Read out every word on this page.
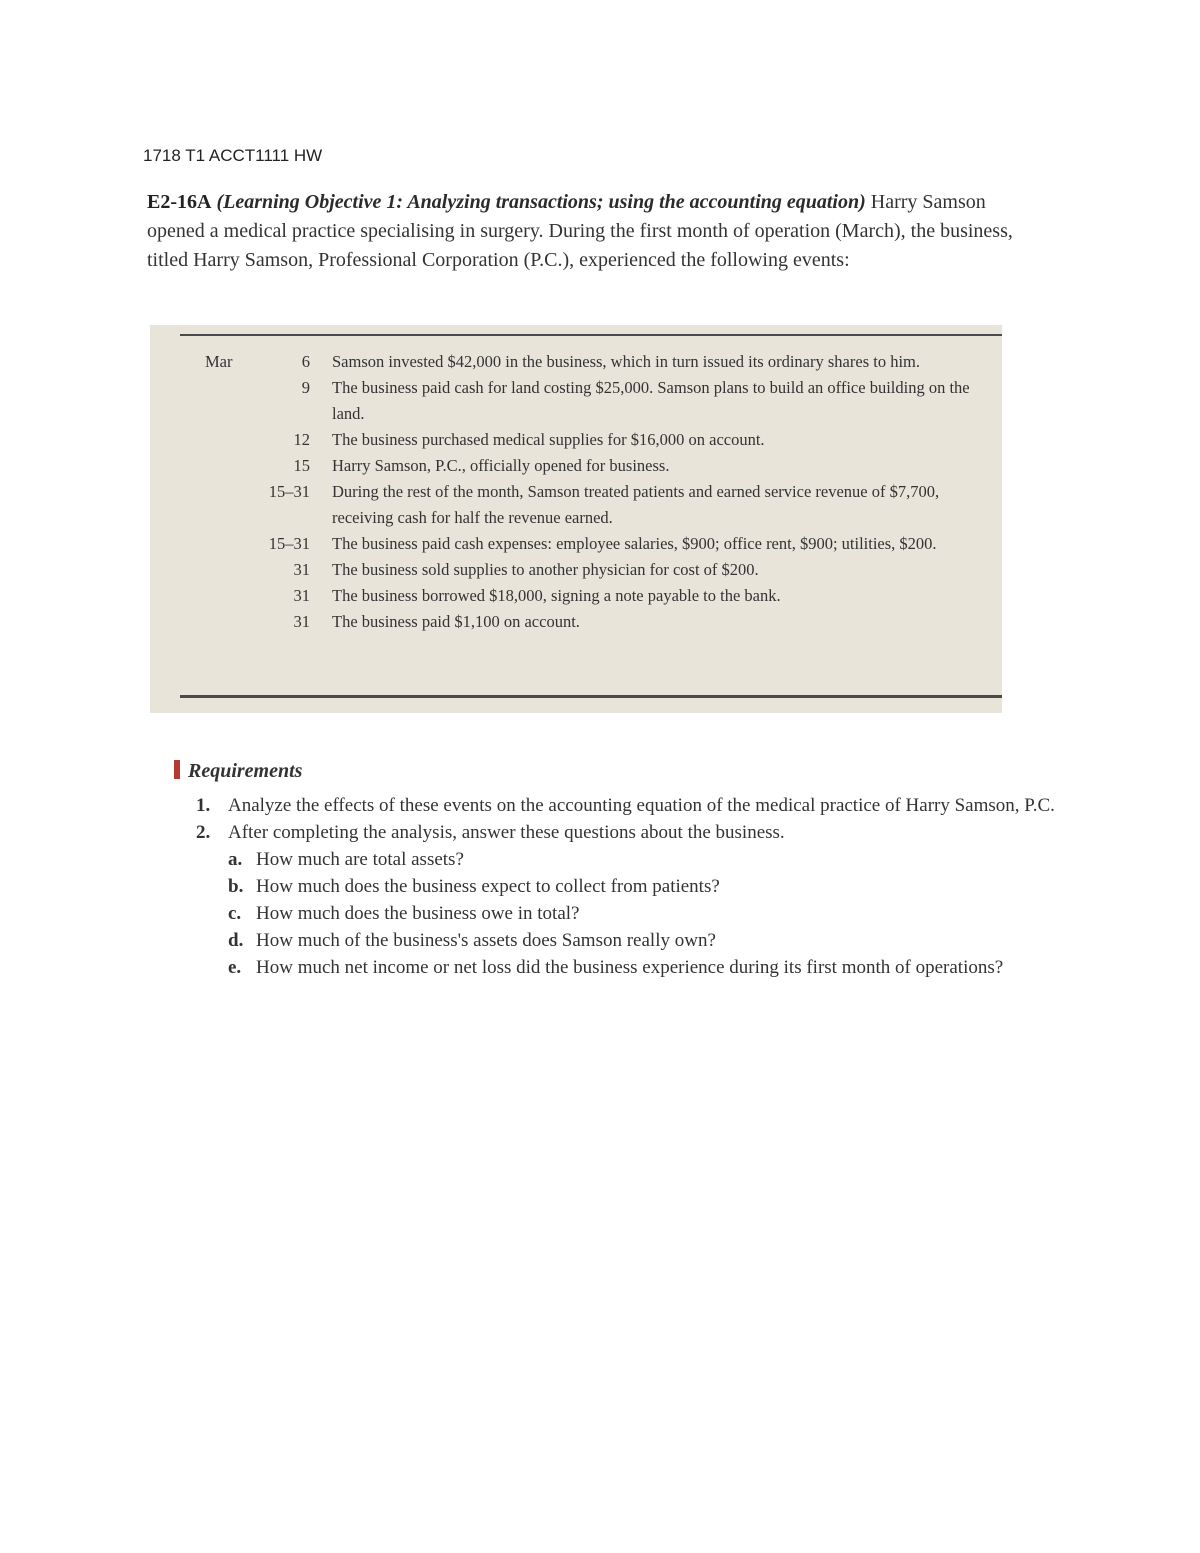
1718 T1 ACCT1111 HW
E2-16A (Learning Objective 1: Analyzing transactions; using the accounting equation) Harry Samson opened a medical practice specialising in surgery. During the first month of operation (March), the business, titled Harry Samson, Professional Corporation (P.C.), experienced the following events:
Mar	6	Samson invested $42,000 in the business, which in turn issued its ordinary shares to him.
9	The business paid cash for land costing $25,000. Samson plans to build an office building on the land.
12	The business purchased medical supplies for $16,000 on account.
15	Harry Samson, P.C., officially opened for business.
15–31	During the rest of the month, Samson treated patients and earned service revenue of $7,700, receiving cash for half the revenue earned.
15–31	The business paid cash expenses: employee salaries, $900; office rent, $900; utilities, $200.
31	The business sold supplies to another physician for cost of $200.
31	The business borrowed $18,000, signing a note payable to the bank.
31	The business paid $1,100 on account.
Requirements
1. Analyze the effects of these events on the accounting equation of the medical practice of Harry Samson, P.C.
2. After completing the analysis, answer these questions about the business.
a. How much are total assets?
b. How much does the business expect to collect from patients?
c. How much does the business owe in total?
d. How much of the business's assets does Samson really own?
e. How much net income or net loss did the business experience during its first month of operations?
